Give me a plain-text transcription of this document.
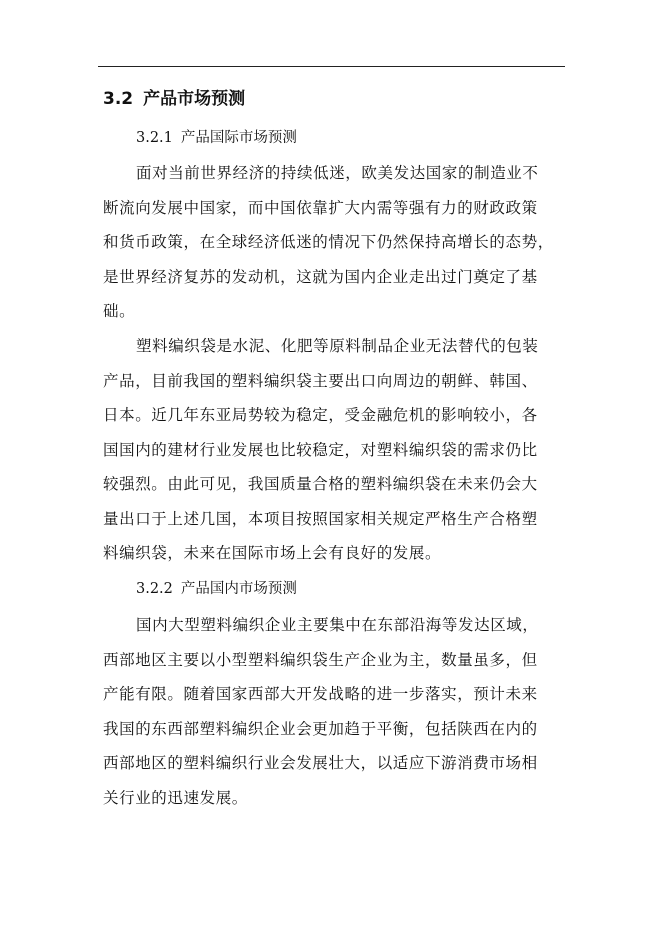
3.2 产品市场预测
3.2.1 产品国际市场预测
面对当前世界经济的持续低迷，欧美发达国家的制造业不
断流向发展中国家，而中国依靠扩大内需等强有力的财政政策
和货币政策，在全球经济低迷的情况下仍然保持高增长的态势，
是世界经济复苏的发动机，这就为国内企业走出过门奠定了基
础。
塑料编织袋是水泥、化肥等原料制品企业无法替代的包装
产品，目前我国的塑料编织袋主要出口向周边的朝鲜、韩国、
日本。近几年东亚局势较为稳定，受金融危机的影响较小，各
国国内的建材行业发展也比较稳定，对塑料编织袋的需求仍比
较强烈。由此可见，我国质量合格的塑料编织袋在未来仍会大
量出口于上述几国，本项目按照国家相关规定严格生产合格塑
料编织袋，未来在国际市场上会有良好的发展。
3.2.2 产品国内市场预测
国内大型塑料编织企业主要集中在东部沿海等发达区域，
西部地区主要以小型塑料编织袋生产企业为主，数量虽多，但
产能有限。随着国家西部大开发战略的进一步落实，预计未来
我国的东西部塑料编织企业会更加趋于平衡，包括陕西在内的
西部地区的塑料编织行业会发展壮大，以适应下游消费市场相
关行业的迅速发展。
